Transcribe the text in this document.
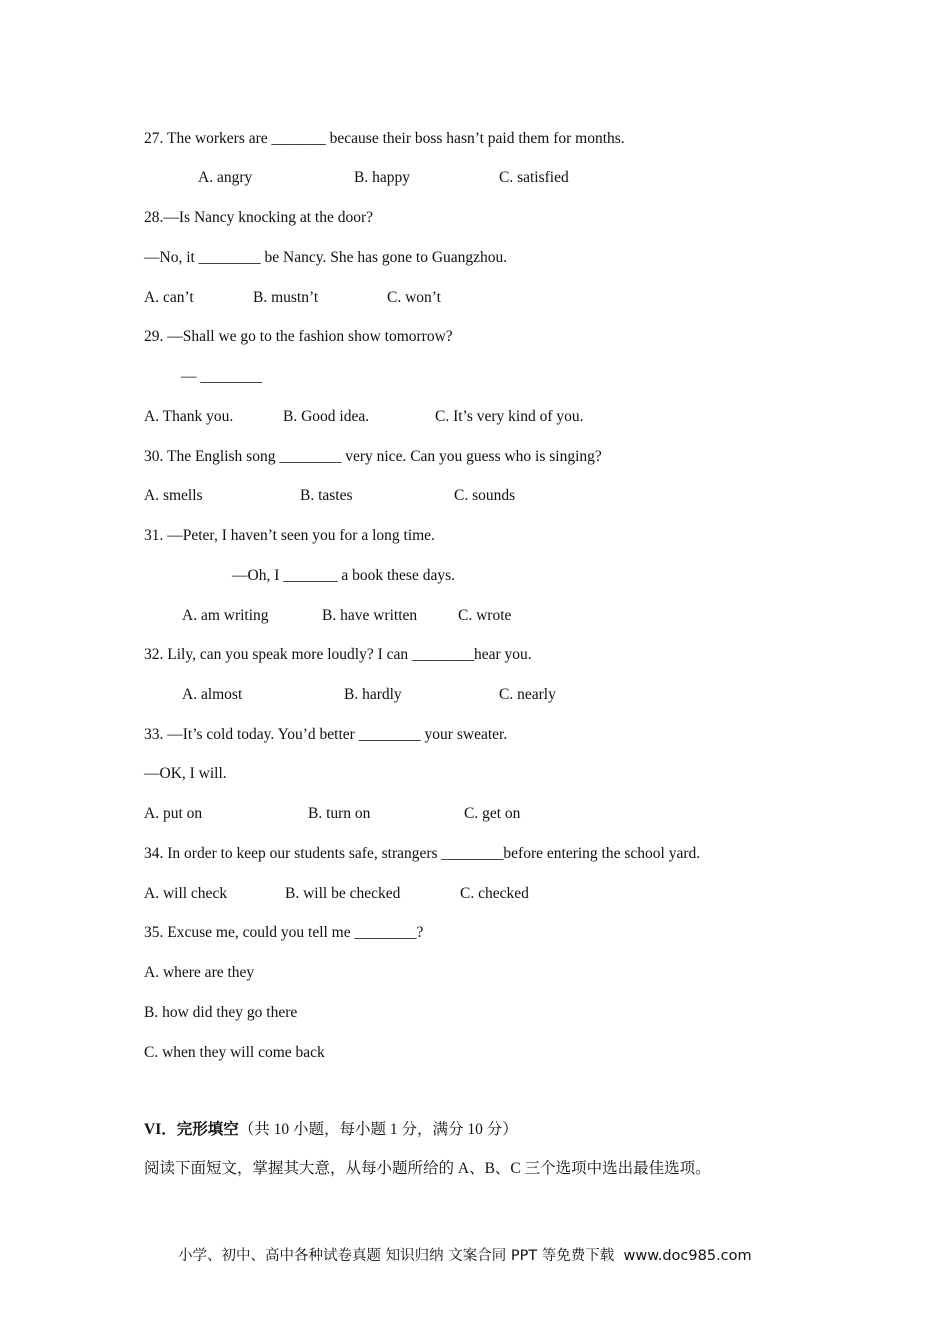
27. The workers are _______ because their boss hasn’t paid them for months.
A. angry	B. happy	C. satisfied
28.—Is Nancy knocking at the door?
—No, it ________ be Nancy. She has gone to Guangzhou.
A. can’t	B. mustn’t	C. won’t
29. —Shall we go to the fashion show tomorrow?
— ________
A. Thank you.	B. Good idea.	C. It’s very kind of you.
30. The English song ________ very nice. Can you guess who is singing?
A. smells	B. tastes	C. sounds
31. —Peter, I haven’t seen you for a long time.
—Oh, I _______ a book these days.
A. am writing	B. have written	C. wrote
32. Lily, can you speak more loudly? I can ________hear you.
A. almost	B. hardly	C. nearly
33. —It’s cold today. You’d better ________ your sweater.
—OK, I will.
A. put on	B. turn on	C. get on
34. In order to keep our students safe, strangers ________before entering the school yard.
A. will check	B. will be checked	C. checked
35. Excuse me, could you tell me ________?
A. where are they
B. how did they go there
C. when they will come back
VI．完形填空（共 10 小题，每小题 1 分，满分 10 分）
阅读下面短文，掌握其大意，从每小题所给的 A、B、C 三个选项中选出最佳选项。
小学、初中、高中各种试卷真题 知识归纳 文案合同 PPT 等免费下载  www.doc985.com
